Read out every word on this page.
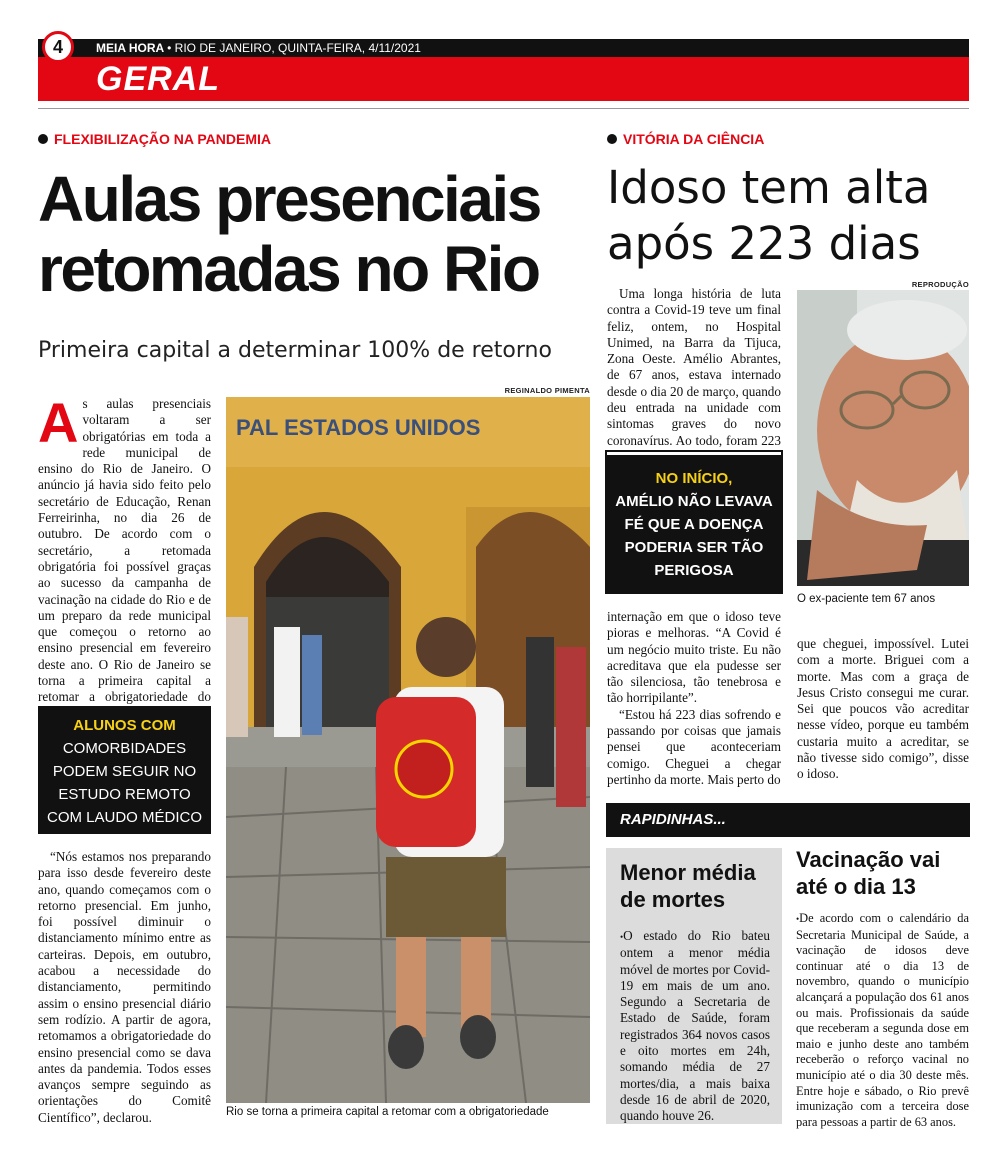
4	MEIA HORA • RIO DE JANEIRO, QUINTA-FEIRA, 4/11/2021
GERAL
FLEXIBILIZAÇÃO NA PANDEMIA
Aulas presenciais
retomadas no Rio
Primeira capital a determinar 100% de retorno

As aulas presenciais voltaram a ser obrigatórias em toda a rede municipal de ensino do Rio de Janeiro. O anúncio já havia sido feito pelo secretário de Educação, Renan Ferreirinha, no dia 26 de outubro. De acordo com o secretário, a retomada obrigatória foi possível graças ao sucesso da campanha de vacinação na cidade do Rio e de um preparo da rede municipal que começou o retorno ao ensino presencial em fevereiro deste ano. O Rio de Janeiro se torna a primeira capital a retomar a obrigatoriedade do

ALUNOS COM
COMORBIDADES
PODEM SEGUIR NO
ESTUDO REMOTO
COM LAUDO MÉDICO

“Nós estamos nos preparando para isso desde fevereiro deste ano, quando começamos com o retorno presencial. Em junho, foi possível diminuir o distanciamento mínimo entre as carteiras. Depois, em outubro, acabou a necessidade do distanciamento, permitindo assim o ensino presencial diário sem rodízio. A partir de agora, retomamos a obrigatoriedade do ensino presencial como se dava antes da pandemia. Todos esses avanços sempre seguindo as orientações do Comitê Científico”, declarou.

REGINALDO PIMENTA
PAL ESTADOS UNIDOS
Rio se torna a primeira capital a retomar com a obrigatoriedade
VITÓRIA DA CIÊNCIA
Idoso tem alta
após 223 dias

Uma longa história de luta contra a Covid-19 teve um final feliz, ontem, no Hospital Unimed, na Barra da Tijuca, Zona Oeste. Amélio Abrantes, de 67 anos, estava internado desde o dia 20 de março, quando deu entrada na unidade com sintomas graves do novo coronavírus. Ao todo, foram 223

NO INÍCIO,
AMÉLIO NÃO LEVAVA
FÉ QUE A DOENÇA
PODERIA SER TÃO
PERIGOSA

internação em que o idoso teve pioras e melhoras. “A Covid é um negócio muito triste. Eu não acreditava que ela pudesse ser tão silenciosa, tão tenebrosa e tão horripilante”.

“Estou há 223 dias sofrendo e passando por coisas que jamais pensei que aconteceriam comigo. Cheguei a chegar pertinho da morte. Mais perto do

REPRODUÇÃO
O ex-paciente tem 67 anos

que cheguei, impossível. Lutei com a morte. Briguei com a morte. Mas com a graça de Jesus Cristo consegui me curar. Sei que poucos vão acreditar nesse vídeo, porque eu também custaria muito a acreditar, se não tivesse sido comigo”, disse o idoso.

RAPIDINHAS...
Menor média
de mortes

•O estado do Rio bateu ontem a menor média móvel de mortes por Covid-19 em mais de um ano. Segundo a Secretaria de Estado de Saúde, foram registrados 364 novos casos e oito mortes em 24h, somando média de 27 mortes/dia, a mais baixa desde 16 de abril de 2020, quando houve 26.

Vacinação vai
até o dia 13

•De acordo com o calendário da Secretaria Municipal de Saúde, a vacinação de idosos deve continuar até o dia 13 de novembro, quando o município alcançará a população dos 61 anos ou mais. Profissionais da saúde que receberam a segunda dose em maio e junho deste ano também receberão o reforço vacinal no município até o dia 30 deste mês. Entre hoje e sábado, o Rio prevê imunização com a terceira dose para pessoas a partir de 63 anos.
